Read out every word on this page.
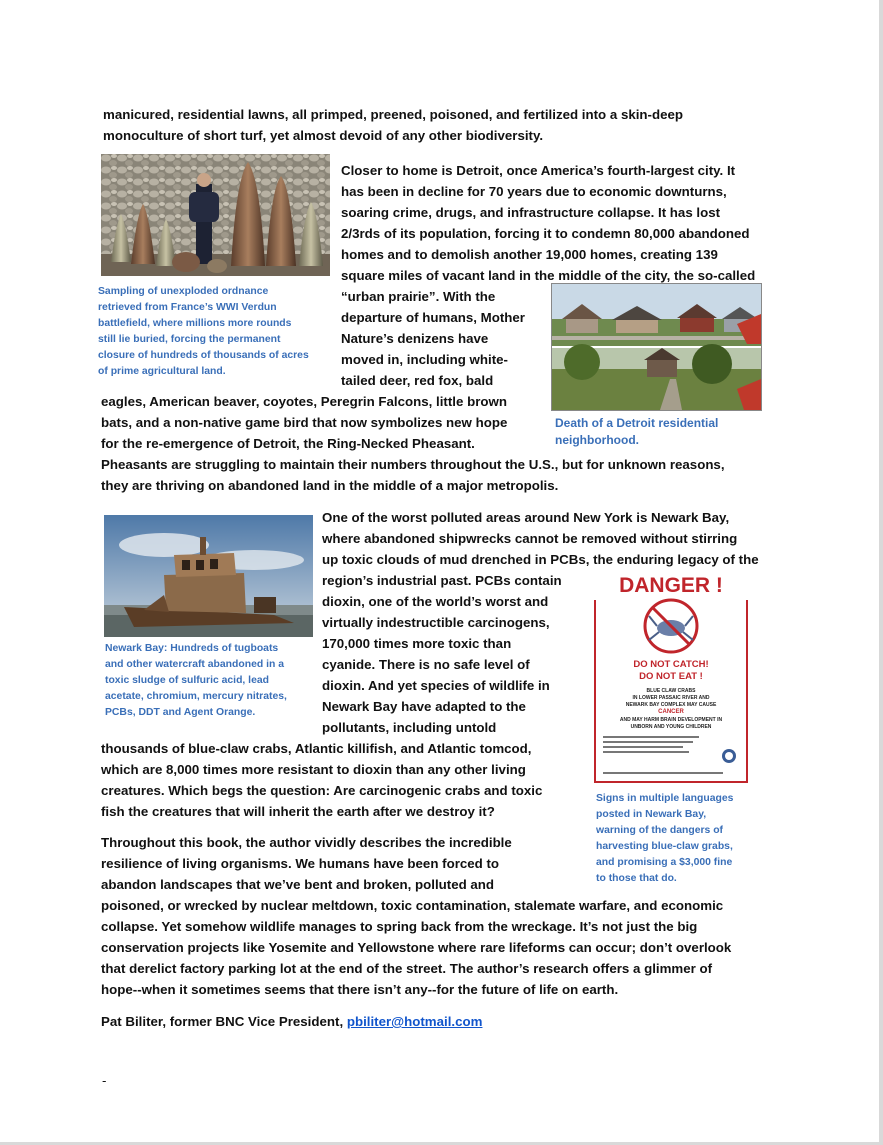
manicured, residential lawns, all primped, preened, poisoned, and fertilized into a skin-deep

monoculture of short turf, yet almost devoid of any other biodiversity.

Sampling of unexploded ordnance

retrieved from France’s WWI Verdun

battlefield, where millions more rounds

still lie buried, forcing the permanent

closure of hundreds of thousands of acres

of prime agricultural land.

Closer to home is Detroit, once America’s fourth-largest city. It

has been in decline for 70 years due to economic downturns,

soaring crime, drugs, and infrastructure collapse. It has lost

2/3rds of its population, forcing it to condemn 80,000 abandoned

homes and to demolish another 19,000 homes, creating 139

square miles of vacant land in the middle of the city, the so-called

“urban prairie”. With the

departure of humans, Mother

Nature’s denizens have

moved in, including white-

tailed deer, red fox, bald

eagles, American beaver, coyotes, Peregrin Falcons, little brown

bats, and a non-native game bird that now symbolizes new hope

for the re-emergence of Detroit, the Ring-Necked Pheasant.

Pheasants are struggling to maintain their numbers throughout the U.S., but for unknown reasons,

they are thriving on abandoned land in the middle of a major metropolis.

Death of a Detroit residential

neighborhood.

Newark Bay: Hundreds of tugboats

and other watercraft abandoned in a

toxic sludge of sulfuric acid, lead

acetate, chromium, mercury nitrates,

PCBs, DDT and Agent Orange.

One of the worst polluted areas around New York is Newark Bay,

where abandoned shipwrecks cannot be removed without stirring

up toxic clouds of mud drenched in PCBs, the enduring legacy of the

region’s industrial past. PCBs contain

dioxin, one of the world’s worst and

virtually indestructible carcinogens,

170,000 times more toxic than

cyanide. There is no safe level of

dioxin. And yet species of wildlife in

Newark Bay have adapted to the

pollutants, including untold

thousands of blue-claw crabs, Atlantic killifish, and Atlantic tomcod,

which are 8,000 times more resistant to dioxin than any other living

creatures. Which begs the question: Are carcinogenic crabs and toxic

fish the creatures that will inherit the earth after we destroy it?

DANGER !
DO NOT CATCH!
DO NOT EAT !
BLUE CLAW CRABS
IN LOWER PASSAIC RIVER AND
NEWARK BAY COMPLEX MAY CAUSE
CANCER
AND MAY HARM BRAIN DEVELOPMENT IN
UNBORN AND YOUNG CHILDREN

Signs in multiple languages

posted in Newark Bay,

warning of the dangers of

harvesting blue-claw grabs,

and promising a $3,000 fine

to those that do.

Throughout this book, the author vividly describes the incredible

resilience of living organisms. We humans have been forced to

abandon landscapes that we’ve bent and broken, polluted and

poisoned, or wrecked by nuclear meltdown, toxic contamination, stalemate warfare, and economic

collapse. Yet somehow wildlife manages to spring back from the wreckage. It’s not just the big

conservation projects like Yosemite and Yellowstone where rare lifeforms can occur; don’t overlook

that derelict factory parking lot at the end of the street. The author’s research offers a glimmer of

hope--when it sometimes seems that there isn’t any--for the future of life on earth.

Pat Biliter, former BNC Vice President, pbiliter@hotmail.com

-
